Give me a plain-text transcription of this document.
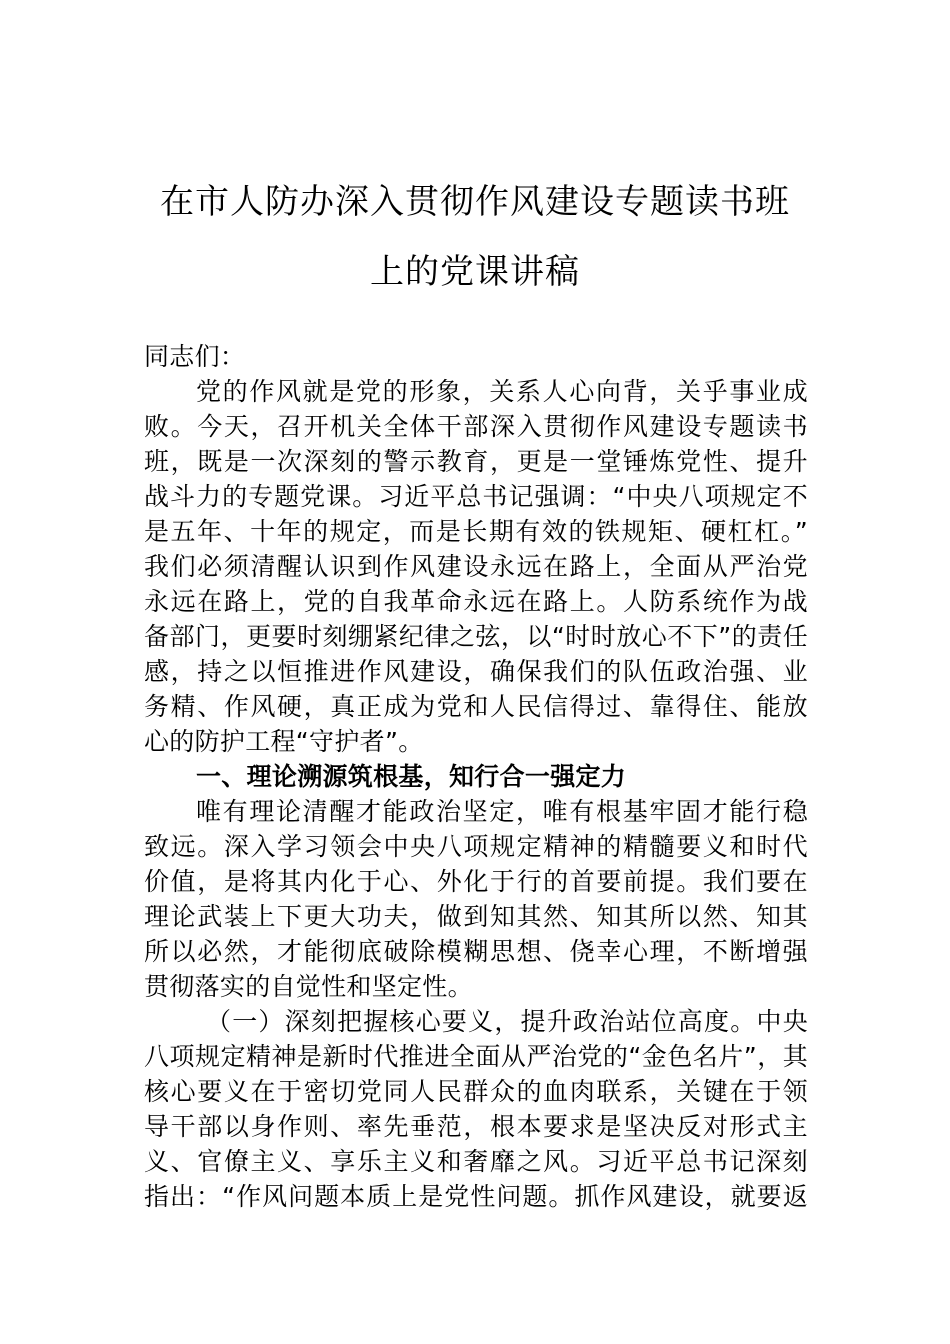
在市人防办深入贯彻作风建设专题读书班
上的党课讲稿
同志们：
党的作风就是党的形象，关系人心向背，关乎事业成
败。今天，召开机关全体干部深入贯彻作风建设专题读书
班，既是一次深刻的警示教育，更是一堂锤炼党性、提升
战斗力的专题党课。习近平总书记强调：“中央八项规定不
是五年、十年的规定，而是长期有效的铁规矩、硬杠杠。”
我们必须清醒认识到作风建设永远在路上，全面从严治党
永远在路上，党的自我革命永远在路上。人防系统作为战
备部门，更要时刻绷紧纪律之弦，以“时时放心不下”的责任
感，持之以恒推进作风建设，确保我们的队伍政治强、业
务精、作风硬，真正成为党和人民信得过、靠得住、能放
心的防护工程“守护者”。
一、理论溯源筑根基，知行合一强定力
唯有理论清醒才能政治坚定，唯有根基牢固才能行稳
致远。深入学习领会中央八项规定精神的精髓要义和时代
价值，是将其内化于心、外化于行的首要前提。我们要在
理论武装上下更大功夫，做到知其然、知其所以然、知其
所以必然，才能彻底破除模糊思想、侥幸心理，不断增强
贯彻落实的自觉性和坚定性。
（一）深刻把握核心要义，提升政治站位高度。中央
八项规定精神是新时代推进全面从严治党的“金色名片”，其
核心要义在于密切党同人民群众的血肉联系，关键在于领
导干部以身作则、率先垂范，根本要求是坚决反对形式主
义、官僚主义、享乐主义和奢靡之风。习近平总书记深刻
指出：“作风问题本质上是党性问题。抓作风建设，就要返
